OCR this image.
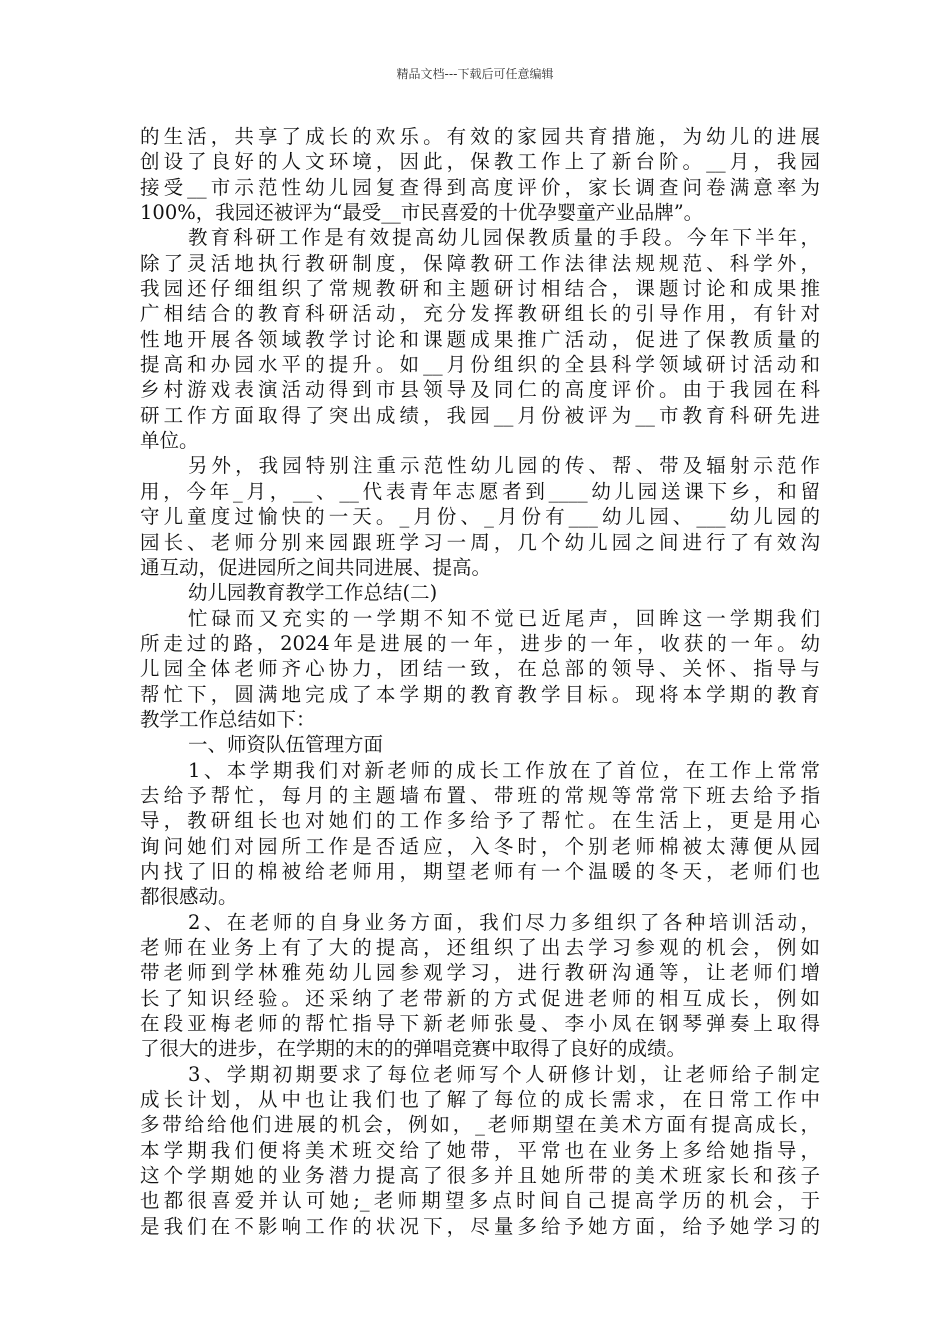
精品文档---下载后可任意编辑
的生活，共享了成长的欢乐。有效的家园共育措施，为幼儿的进展
创设了良好的人文环境，因此，保教工作上了新台阶。__月，我园
接受__市示范性幼儿园复查得到高度评价，家长调查问卷满意率为
100%，我园还被评为“最受__市民喜爱的十优孕婴童产业品牌”。
教育科研工作是有效提高幼儿园保教质量的手段。今年下半年，
除了灵活地执行教研制度，保障教研工作法律法规规范、科学外，
我园还仔细组织了常规教研和主题研讨相结合，课题讨论和成果推
广相结合的教育科研活动，充分发挥教研组长的引导作用，有针对
性地开展各领域教学讨论和课题成果推广活动，促进了保教质量的
提高和办园水平的提升。如__月份组织的全县科学领域研讨活动和
乡村游戏表演活动得到市县领导及同仁的高度评价。由于我园在科
研工作方面取得了突出成绩，我园__月份被评为__市教育科研先进
单位。
另外，我园特别注重示范性幼儿园的传、帮、带及辐射示范作
用，今年_月，__、__代表青年志愿者到____幼儿园送课下乡，和留
守儿童度过愉快的一天。_月份、_月份有___幼儿园、___幼儿园的
园长、老师分别来园跟班学习一周，几个幼儿园之间进行了有效沟
通互动，促进园所之间共同进展、提高。
幼儿园教育教学工作总结(二)
忙碌而又充实的一学期不知不觉已近尾声，回眸这一学期我们
所走过的路，2024年是进展的一年，进步的一年，收获的一年。幼
儿园全体老师齐心协力，团结一致，在总部的领导、关怀、指导与
帮忙下，圆满地完成了本学期的教育教学目标。现将本学期的教育
教学工作总结如下：
一、师资队伍管理方面
1、本学期我们对新老师的成长工作放在了首位，在工作上常常
去给予帮忙，每月的主题墙布置、带班的常规等常常下班去给予指
导，教研组长也对她们的工作多给予了帮忙。在生活上，更是用心
询问她们对园所工作是否适应，入冬时，个别老师棉被太薄便从园
内找了旧的棉被给老师用，期望老师有一个温暖的冬天，老师们也
都很感动。
2、在老师的自身业务方面，我们尽力多组织了各种培训活动，
老师在业务上有了大的提高，还组织了出去学习参观的机会，例如
带老师到学林雅苑幼儿园参观学习，进行教研沟通等，让老师们增
长了知识经验。还采纳了老带新的方式促进老师的相互成长，例如
在段亚梅老师的帮忙指导下新老师张曼、李小凤在钢琴弹奏上取得
了很大的进步，在学期的末的的弹唱竞赛中取得了良好的成绩。
3、学期初期要求了每位老师写个人研修计划，让老师给子制定
成长计划，从中也让我们也了解了每位的成长需求，在日常工作中
多带给给他们进展的机会，例如，_老师期望在美术方面有提高成长，
本学期我们便将美术班交给了她带，平常也在业务上多给她指导，
这个学期她的业务潜力提高了很多并且她所带的美术班家长和孩子
也都很喜爱并认可她;_老师期望多点时间自己提高学历的机会，于
是我们在不影响工作的状况下，尽量多给予她方面，给予她学习的
